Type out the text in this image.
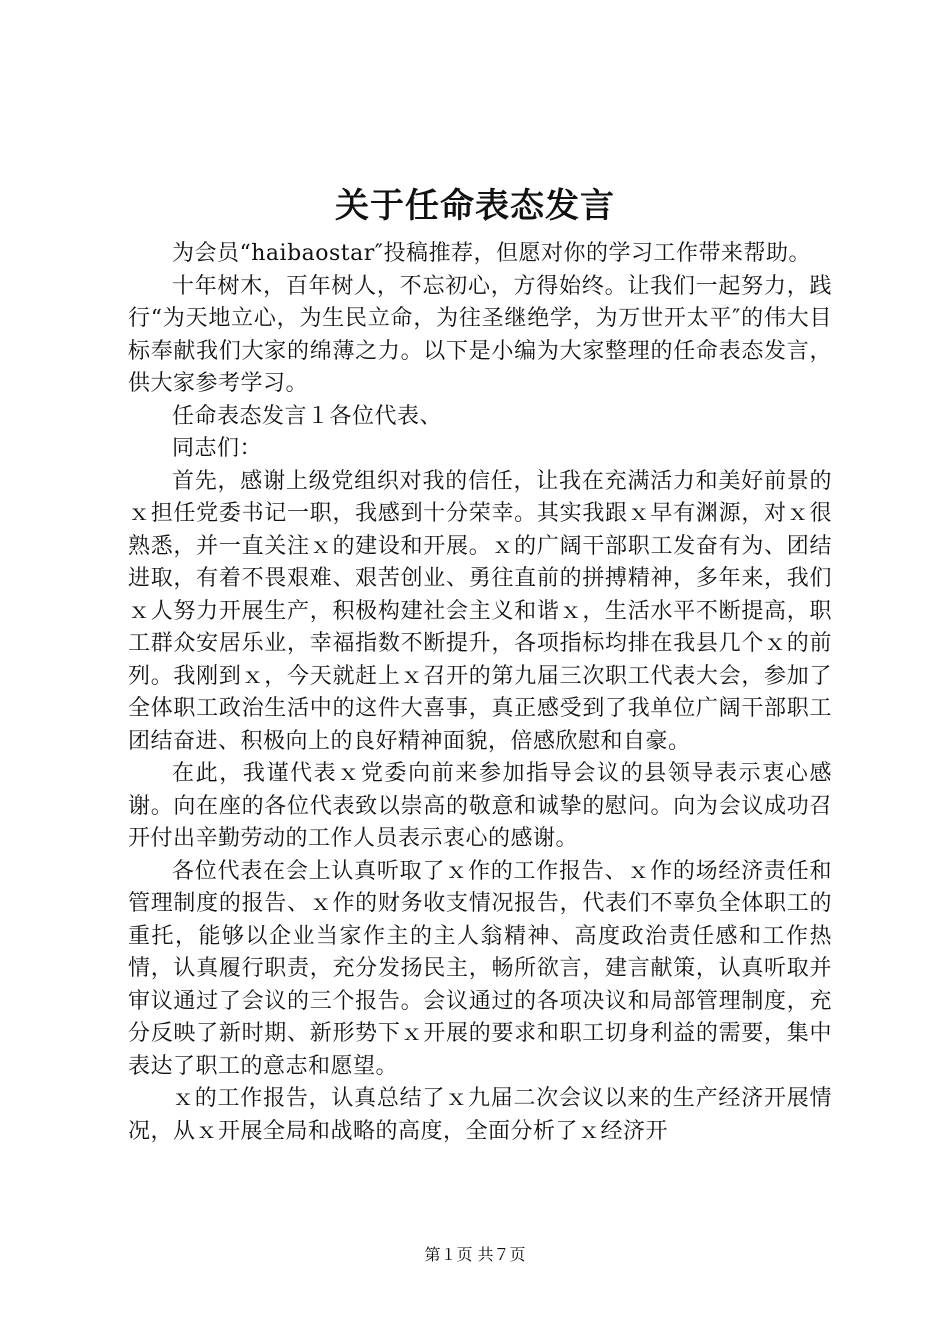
关于任命表态发言

为会员“haibaostar″投稿推荐，但愿对你的学习工作带来帮助。

十年树木，百年树人，不忘初心，方得始终。让我们一起努力，践行“为天地立心，为生民立命，为往圣继绝学，为万世开太平″的伟大目标奉献我们大家的绵薄之力。以下是小编为大家整理的任命表态发言，供大家参考学习。

任命表态发言１各位代表、

同志们：

首先，感谢上级党组织对我的信任，让我在充满活力和美好前景的ｘ担任党委书记一职，我感到十分荣幸。其实我跟ｘ早有渊源，对ｘ很熟悉，并一直关注ｘ的建设和开展。ｘ的广阔干部职工发奋有为、团结进取，有着不畏艰难、艰苦创业、勇往直前的拼搏精神，多年来，我们ｘ人努力开展生产，积极构建社会主义和谐ｘ，生活水平不断提高，职工群众安居乐业，幸福指数不断提升，各项指标均排在我县几个ｘ的前列。我刚到ｘ，今天就赶上ｘ召开的第九届三次职工代表大会，参加了全体职工政治生活中的这件大喜事，真正感受到了我单位广阔干部职工团结奋进、积极向上的良好精神面貌，倍感欣慰和自豪。

在此，我谨代表ｘ党委向前来参加指导会议的县领导表示衷心感谢。向在座的各位代表致以崇高的敬意和诚挚的慰问。向为会议成功召开付出辛勤劳动的工作人员表示衷心的感谢。

各位代表在会上认真听取了ｘ作的工作报告、ｘ作的场经济责任和管理制度的报告、ｘ作的财务收支情况报告，代表们不辜负全体职工的重托，能够以企业当家作主的主人翁精神、高度政治责任感和工作热情，认真履行职责，充分发扬民主，畅所欲言，建言献策，认真听取并审议通过了会议的三个报告。会议通过的各项决议和局部管理制度，充分反映了新时期、新形势下ｘ开展的要求和职工切身利益的需要，集中表达了职工的意志和愿望。

ｘ的工作报告，认真总结了ｘ九届二次会议以来的生产经济开展情况，从ｘ开展全局和战略的高度，全面分析了ｘ经济开

第１页 共７页
